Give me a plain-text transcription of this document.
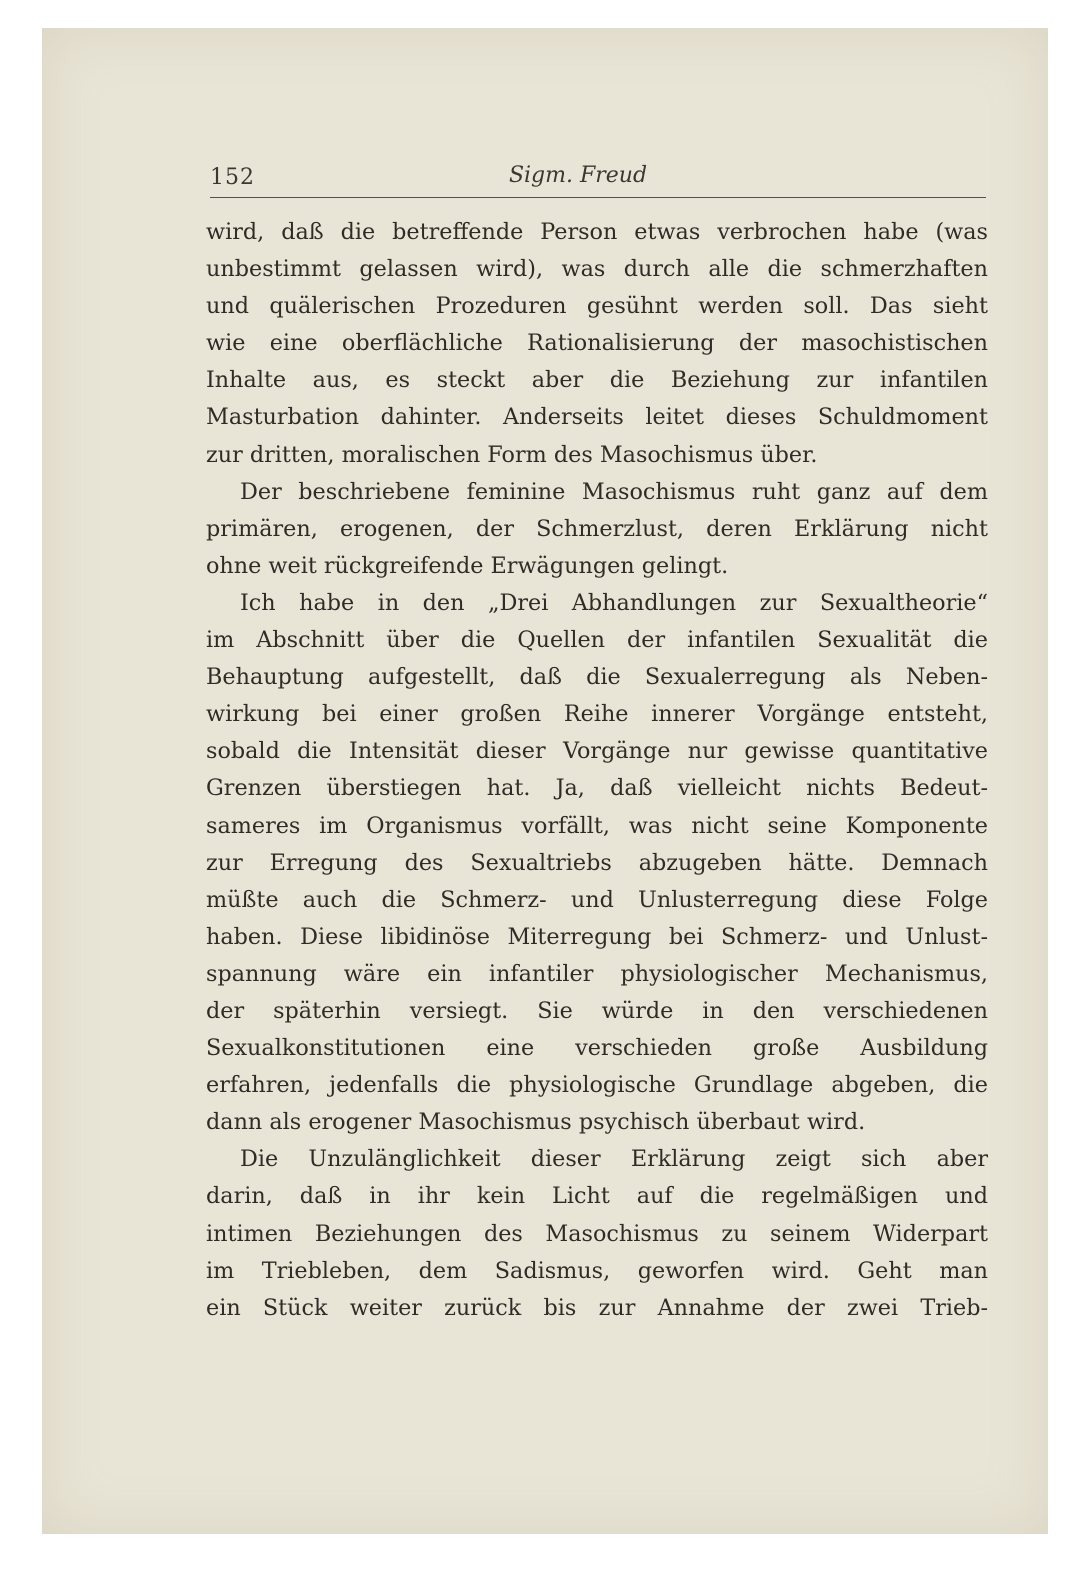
152	Sigm. Freud
wird, daß die betreffende Person etwas verbrochen habe (was
unbestimmt gelassen wird), was durch alle die schmerzhaften
und quälerischen Prozeduren gesühnt werden soll. Das sieht
wie eine oberflächliche Rationalisierung der masochistischen
Inhalte aus, es steckt aber die Beziehung zur infantilen
Masturbation dahinter. Anderseits leitet dieses Schuldmoment
zur dritten, moralischen Form des Masochismus über.
Der beschriebene feminine Masochismus ruht ganz auf dem
primären, erogenen, der Schmerzlust, deren Erklärung nicht
ohne weit rückgreifende Erwägungen gelingt.
Ich habe in den „Drei Abhandlungen zur Sexualtheorie“
im Abschnitt über die Quellen der infantilen Sexualität die
Behauptung aufgestellt, daß die Sexualerregung als Neben-
wirkung bei einer großen Reihe innerer Vorgänge entsteht,
sobald die Intensität dieser Vorgänge nur gewisse quantitative
Grenzen überstiegen hat. Ja, daß vielleicht nichts Bedeut-
sameres im Organismus vorfällt, was nicht seine Komponente
zur Erregung des Sexualtriebs abzugeben hätte. Demnach
müßte auch die Schmerz- und Unlusterregung diese Folge
haben. Diese libidinöse Miterregung bei Schmerz- und Unlust-
spannung wäre ein infantiler physiologischer Mechanismus,
der späterhin versiegt. Sie würde in den verschiedenen
Sexualkonstitutionen eine verschieden große Ausbildung
erfahren, jedenfalls die physiologische Grundlage abgeben, die
dann als erogener Masochismus psychisch überbaut wird.
Die Unzulänglichkeit dieser Erklärung zeigt sich aber
darin, daß in ihr kein Licht auf die regelmäßigen und
intimen Beziehungen des Masochismus zu seinem Widerpart
im Triebleben, dem Sadismus, geworfen wird. Geht man
ein Stück weiter zurück bis zur Annahme der zwei Trieb-
